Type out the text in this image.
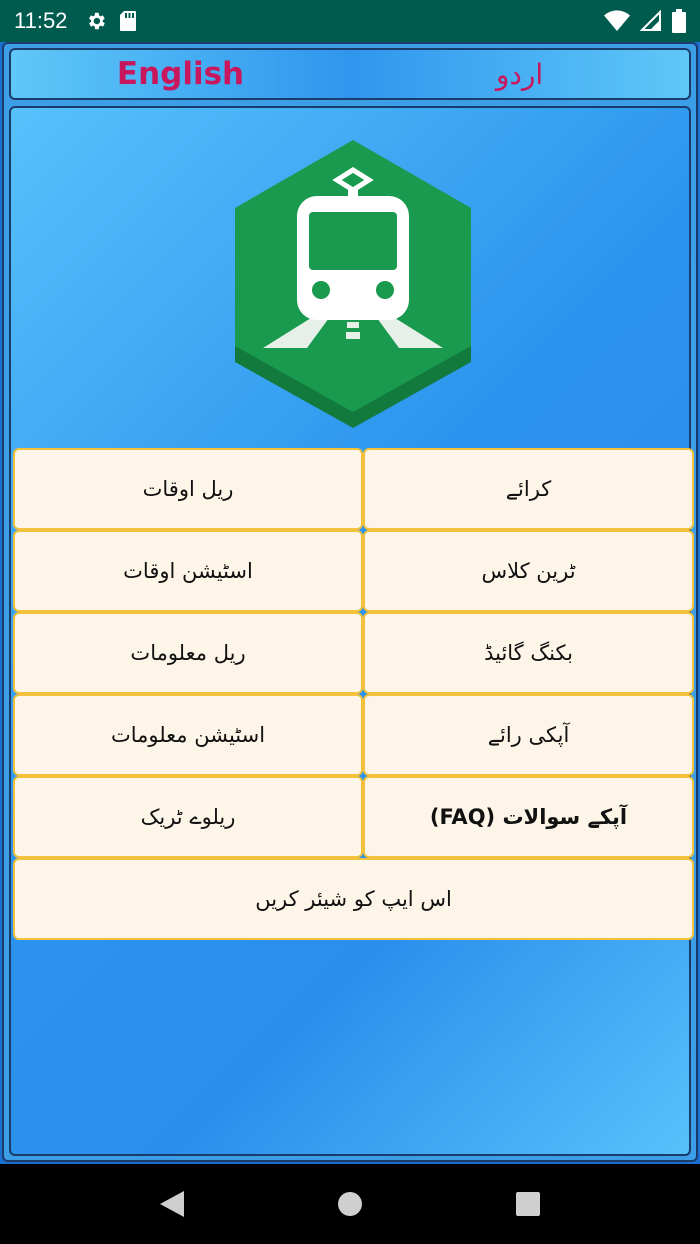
11:52
English	اردو
ریل اوقات	کرائے
اسٹیشن اوقات	ٹرین کلاس
ریل معلومات	بکنگ گائیڈ
اسٹیشن معلومات	آپکی رائے
ریلوے ٹریک	آپکے سوالات (FAQ)
اس ایپ کو شیئر کریں
